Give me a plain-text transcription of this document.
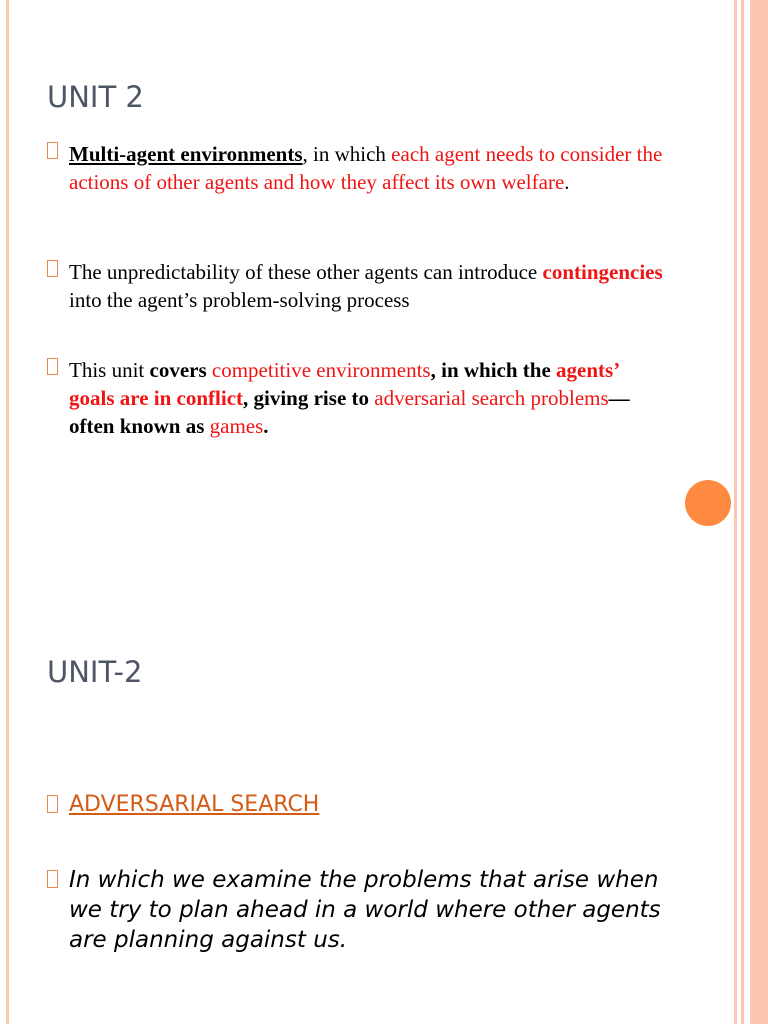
UNIT 2
Multi-agent environments, in which each agent needs to consider the actions of other agents and how they affect its own welfare.
The unpredictability of these other agents can introduce contingencies into the agent’s problem-solving process
This unit covers competitive environments, in which the agents’ goals are in conflict, giving rise to adversarial search problems—often known as games.
UNIT-2
ADVERSARIAL SEARCH
In which we examine the problems that arise when we try to plan ahead in a world where other agents are planning against us.
